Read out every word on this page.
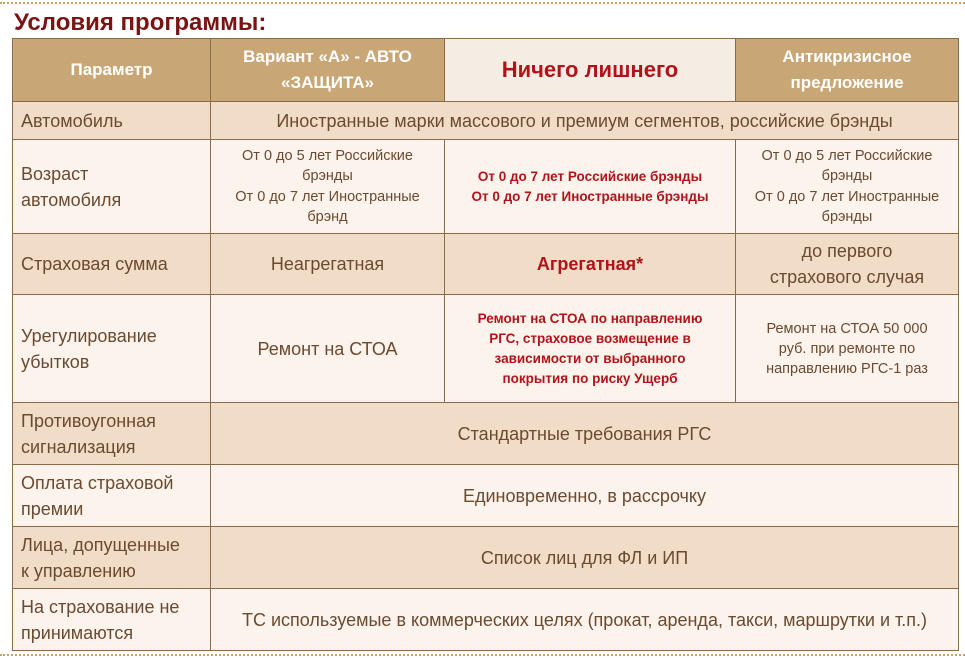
Условия программы:
Параметр	Вариант «А» - АВТО
«ЗАЩИТА»	Ничего лишнего	Антикризисное
предложение

Автомобиль	Иностранные марки массового и премиум сегментов, российские брэнды		

Возраст
автомобиля	От 0 до 5 лет Российские
брэнды
От 0 до 7 лет Иностранные
брэнд	От 0 до 7 лет Российские брэнды
От 0 до 7 лет Иностранные брэнды	От 0 до 5 лет Российские
брэнды
От 0 до 7 лет Иностранные
брэнды

Страховая сумма	Неагрегатная	Агрегатная*	до первого
страхового случая

Урегулирование
убытков	Ремонт на СТОА	Ремонт на СТОА по направлению
РГС, страховое возмещение в
зависимости от выбранного
покрытия по риску Ущерб	Ремонт на СТОА 50 000
руб. при ремонте по
направлению РГС-1 раз

Противоугонная
сигнализация	Стандартные требования РГС		

Оплата страховой
премии	Единовременно, в рассрочку		

Лица, допущенные
к управлению	Список лиц для ФЛ и ИП		

На страхование не
принимаются	ТС используемые в коммерческих целях (прокат, аренда, такси, маршрутки и т.п.)		
